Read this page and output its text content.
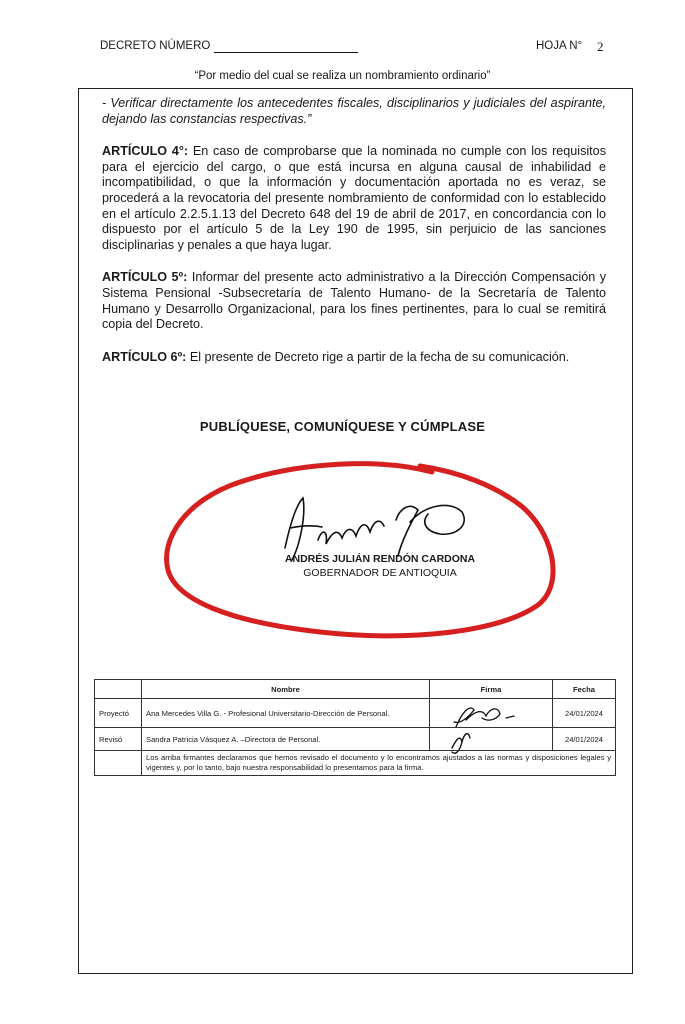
DECRETO NÚMERO	HOJA N° 2
“Por medio del cual se realiza un nombramiento ordinario”

- Verificar directamente los antecedentes fiscales, disciplinarios y judiciales del aspirante, dejando las constancias respectivas.”

ARTÍCULO 4°: En caso de comprobarse que la nominada no cumple con los requisitos para el ejercicio del cargo, o que está incursa en alguna causal de inhabilidad e incompatibilidad, o que la información y documentación aportada no es veraz, se procederá a la revocatoria del presente nombramiento de conformidad con lo establecido en el artículo 2.2.5.1.13 del Decreto 648 del 19 de abril de 2017, en concordancia con lo dispuesto por el artículo 5 de la Ley 190 de 1995, sin perjuicio de las sanciones disciplinarias y penales a que haya lugar.

ARTÍCULO 5º: Informar del presente acto administrativo a la Dirección Compensación y Sistema Pensional -Subsecretaría de Talento Humano- de la Secretaría de Talento Humano y Desarrollo Organizacional, para los fines pertinentes, para lo cual se remitirá copia del Decreto.

ARTÍCULO 6º: El presente de Decreto rige a partir de la fecha de su comunicación.

PUBLÍQUESE, COMUNÍQUESE Y CÚMPLASE
ANDRÉS JULIÁN RENDÓN CARDONA
GOBERNADOR DE ANTIOQUIA
	Nombre	Firma	Fecha
Proyectó	Ana Mercedes Villa G. - Profesional Universitario-Dirección de Personal.		24/01/2024
Revisó	Sandra Patricia Vásquez A. –Directora de Personal.		24/01/2024
	Los arriba firmantes declaramos que hemos revisado el documento y lo encontramos ajustados a las normas y disposiciones legales y vigentes y, por lo tanto, bajo nuestra responsabilidad lo presentamos para la firma.		
